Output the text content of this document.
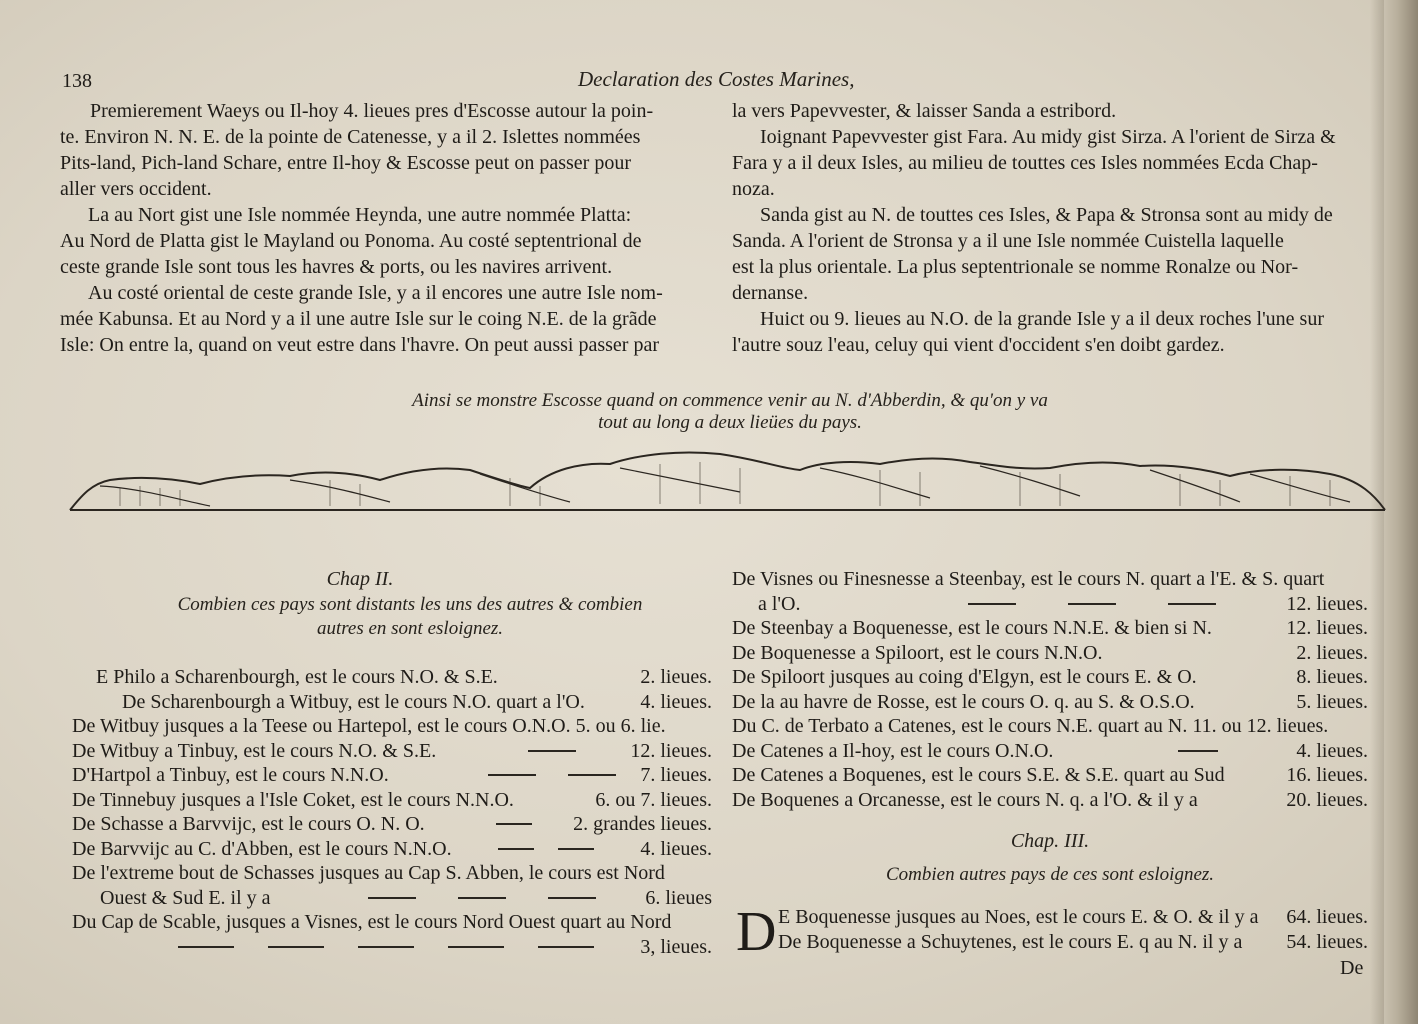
138	Declaration des Costes Marines,
Premierement Waeys ou Il-hoy 4. lieues pres d'Escosse autour la poin-
te. Environ N. N. E. de la pointe de Catenesse, y a il 2. Islettes nommées
Pits-land, Pich-land Schare, entre Il-hoy & Escosse peut on passer pour
aller vers occident.
La au Nort gist une Isle nommée Heynda, une autre nommée Platta:
Au Nord de Platta gist le Mayland ou Ponoma. Au costé septentrional de
ceste grande Isle sont tous les havres & ports, ou les navires arrivent.
Au costé oriental de ceste grande Isle, y a il encores une autre Isle nom-
mée Kabunsa. Et au Nord y a il une autre Isle sur le coing N.E. de la grãde
Isle: On entre la, quand on veut estre dans l'havre. On peut aussi passer par
la vers Papevvester, & laisser Sanda a estribord.
Ioignant Papevvester gist Fara. Au midy gist Sirza. A l'orient de Sirza &
Fara y a il deux Isles, au milieu de touttes ces Isles nommées Ecda Chap-
noza.
Sanda gist au N. de touttes ces Isles, & Papa & Stronsa sont au midy de
Sanda. A l'orient de Stronsa y a il une Isle nommée Cuistella laquelle
est la plus orientale. La plus septentrionale se nomme Ronalze ou Nor-
dernanse.
Huict ou 9. lieues au N.O. de la grande Isle y a il deux roches l'une sur
l'autre souz l'eau, celuy qui vient d'occident s'en doibt gardez.
Ainsi se monstre Escosse quand on commence venir au N. d'Abberdin, & qu'on y va
tout au long a deux lieües du pays.
Chap II.
Combien ces pays sont distants les uns des autres & combien
autres en sont esloignez.
E Philo a Scharenbourgh, est le cours N.O. & S.E.	2. lieues.
De Scharenbourgh a Witbuy, est le cours N.O. quart a l'O.	4. lieues.
De Witbuy jusques a la Teese ou Hartepol, est le cours O.N.O. 5. ou 6. lie.
De Witbuy a Tinbuy, est le cours N.O. & S.E.	12. lieues.
D'Hartpol a Tinbuy, est le cours N.N.O.	7. lieues.
De Tinnebuy jusques a l'Isle Coket, est le cours N.N.O.	6. ou 7. lieues.
De Schasse a Barvvijc, est le cours O. N. O.	2. grandes lieues.
De Barvvijc au C. d'Abben, est le cours N.N.O.	4. lieues.
De l'extreme bout de Schasses jusques au Cap S. Abben, le cours est Nord
Ouest & Sud E. il y a	6. lieues
Du Cap de Scable, jusques a Visnes, est le cours Nord Ouest quart au Nord
3, lieues.
De Visnes ou Finesnesse a Steenbay, est le cours N. quart a l'E. & S. quart
a l'O.	12. lieues.
De Steenbay a Boquenesse, est le cours N.N.E. & bien si N.	12. lieues.
De Boquenesse a Spiloort, est le cours N.N.O.	2. lieues.
De Spiloort jusques au coing d'Elgyn, est le cours E. & O.	8. lieues.
De la au havre de Rosse, est le cours O. q. au S. & O.S.O.	5. lieues.
Du C. de Terbato a Catenes, est le cours N.E. quart au N. 11. ou 12. lieues.
De Catenes a Il-hoy, est le cours O.N.O.	4. lieues.
De Catenes a Boquenes, est le cours S.E. & S.E. quart au Sud	16. lieues.
De Boquenes a Orcanesse, est le cours N. q. a l'O. & il y a	20. lieues.
Chap. III.
Combien autres pays de ces sont esloignez.
D E Boquenesse jusques au Noes, est le cours E. & O. & il y a 64. lieues.
De Boquenesse a Schuytenes, est le cours E. q au N. il y a 54. lieues.
De
